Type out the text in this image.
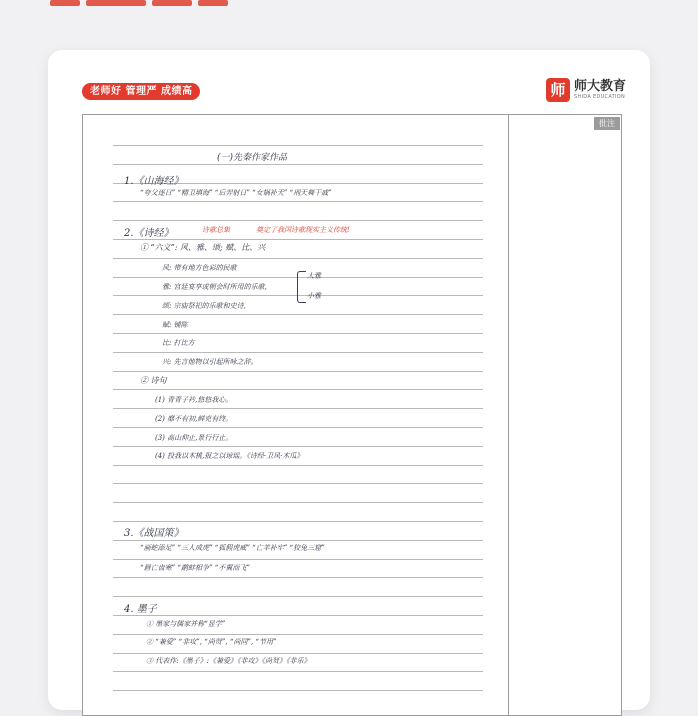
老师好 管理严 成绩高	师 师大教育
SHIDA EDUCATION
批注
(一)先秦作家作品
1.《山海经》
“夸父逐日” “精卫填海” “后羿射日” “女娲补天” “刑天舞干戚”
2.《诗经》	诗歌总集	奠定了我国诗歌现实主义传统!
① “六义”: 风、雅、颂; 赋、比、兴
风: 带有地方色彩的民歌
雅: 宫廷宴享或朝会时所用的乐歌,
大雅
小雅
颂: 宗庙祭祀的乐歌和史诗,
赋: 铺陈
比: 打比方
兴: 先言他物以引起所咏之辞。
② 诗句
(1) 青青子衿,悠悠我心。
(2) 靡不有初,鲜克有终。
(3) 高山仰止,景行行止。
(4) 投我以木桃,报之以琼瑶。《诗经·卫风·木瓜》
3.《战国策》
“画蛇添足” “三人成虎” “狐假虎威” “亡羊补牢” “狡兔三窟”
“唇亡齿寒” “鹬蚌相争” “不翼而飞”
4. 墨子
① 墨家与儒家并称“显学”
② “兼爱” “非攻”, “尚贤”, “尚同”, “节用”
③ 代表作:《墨子》:《兼爱》《非攻》《尚贤》《非乐》
